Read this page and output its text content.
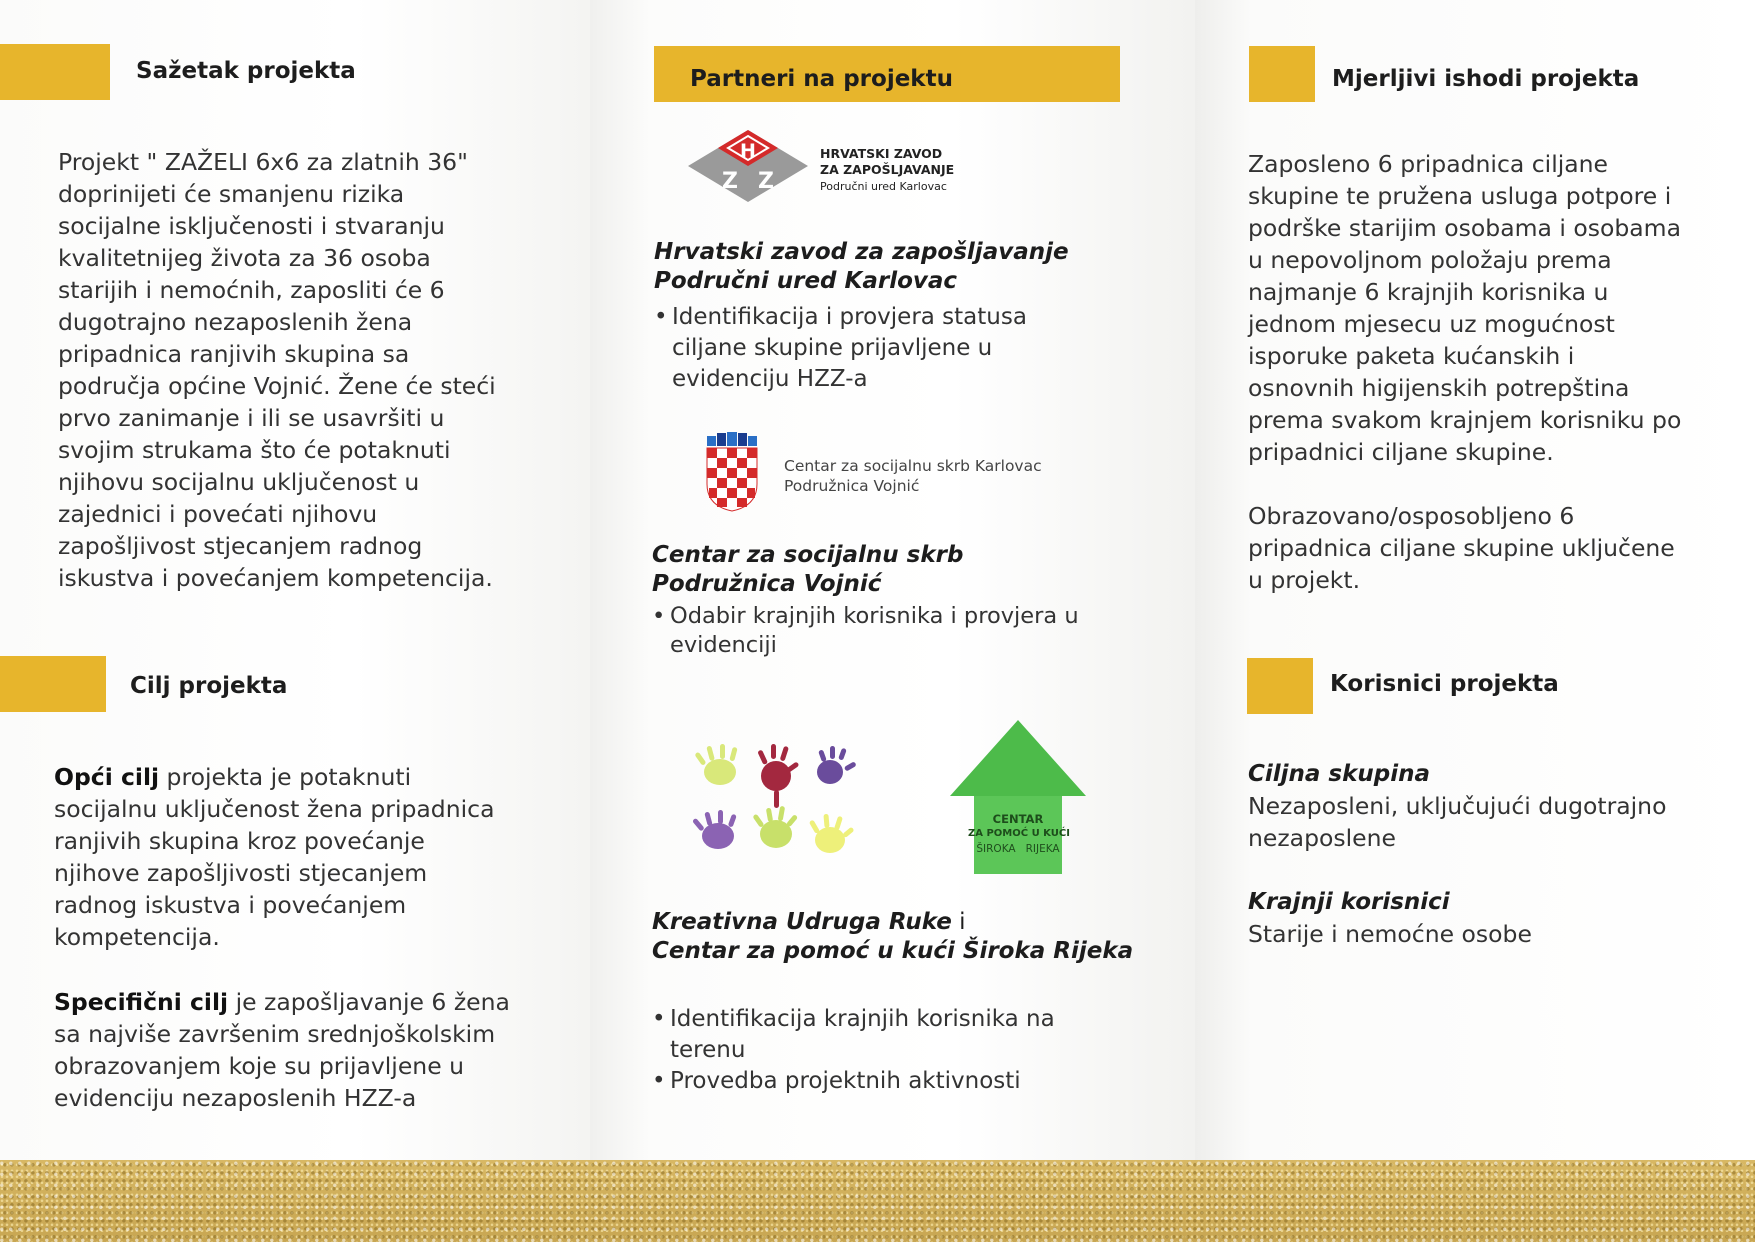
Sažetak projekta
Projekt " ZAŽELI 6x6 za zlatnih 36"
doprinijeti će smanjenu rizika
socijalne isključenosti i stvaranju
kvalitetnijeg života za 36 osoba
starijih i nemoćnih, zaposliti će 6
dugotrajno nezaposlenih žena
pripadnica ranjivih skupina sa
područja općine Vojnić. Žene će steći
prvo zanimanje i ili se usavršiti u
svojim strukama što će potaknuti
njihovu socijalnu uključenost u
zajednici i povećati njihovu
zapošljivost stjecanjem radnog
iskustva i povećanjem kompetencija.
Cilj projekta
Opći cilj projekta je potaknuti
socijalnu uključenost žena pripadnica
ranjivih skupina kroz povećanje
njihove zapošljivosti stjecanjem
radnog iskustva i povećanjem
kompetencija.
Specifični cilj je zapošljavanje 6 žena
sa najviše završenim srednjoškolskim
obrazovanjem koje su prijavljene u
evidenciju nezaposlenih HZZ-a
Partneri na projektu
H
Z Z
HRVATSKI ZAVOD
ZA ZAPOŠLJAVANJE
Područni ured Karlovac
Hrvatski zavod za zapošljavanje
Područni ured Karlovac
• Identifikacija i provjera statusa
ciljane skupine prijavljene u
evidenciju HZZ-a
Centar za socijalnu skrb Karlovac
Podružnica Vojnić
Centar za socijalnu skrb
Podružnica Vojnić
• Odabir krajnjih korisnika i provjera u
evidenciji
CENTAR
ZA POMOĆ U KUĆI
ŠIROKA RIJEKA
Kreativna Udruga Ruke i
Centar za pomoć u kući Široka Rijeka
• Identifikacija krajnjih korisnika na
terenu
• Provedba projektnih aktivnosti
Mjerljivi ishodi projekta
Zaposleno 6 pripadnica ciljane
skupine te pružena usluga potpore i
podrške starijim osobama i osobama
u nepovoljnom položaju prema
najmanje 6 krajnjih korisnika u
jednom mjesecu uz mogućnost
isporuke paketa kućanskih i
osnovnih higijenskih potrepština
prema svakom krajnjem korisniku po
pripadnici ciljane skupine.
Obrazovano/osposobljeno 6
pripadnica ciljane skupine uključene
u projekt.
Korisnici projekta
Ciljna skupina
Nezaposleni, uključujući dugotrajno
nezaposlene
Krajnji korisnici
Starije i nemoćne osobe
